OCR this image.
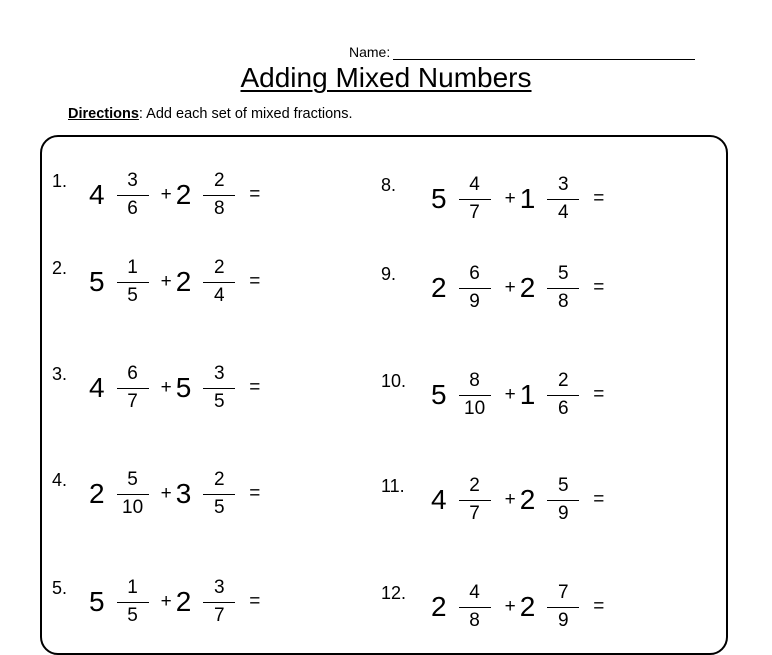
Name:
Adding Mixed Numbers
Directions: Add each set of mixed fractions.
1. $4 \frac{3}{6} + 2 \frac{2}{8}$ =
2. $5 \frac{1}{5} + 2 \frac{2}{4}$ =
3. $4 \frac{6}{7} + 5 \frac{3}{5}$ =
4. $2 \frac{5}{10} + 3 \frac{2}{5}$ =
5. $5 \frac{1}{5} + 2 \frac{3}{7}$ =
8. $5 \frac{4}{7} + 1 \frac{3}{4}$ =
9. $2 \frac{6}{9} + 2 \frac{5}{8}$ =
10. $5 \frac{8}{10} + 1 \frac{2}{6}$ =
11. $4 \frac{2}{7} + 2 \frac{5}{9}$ =
12. $2 \frac{4}{8} + 2 \frac{7}{9}$ =
